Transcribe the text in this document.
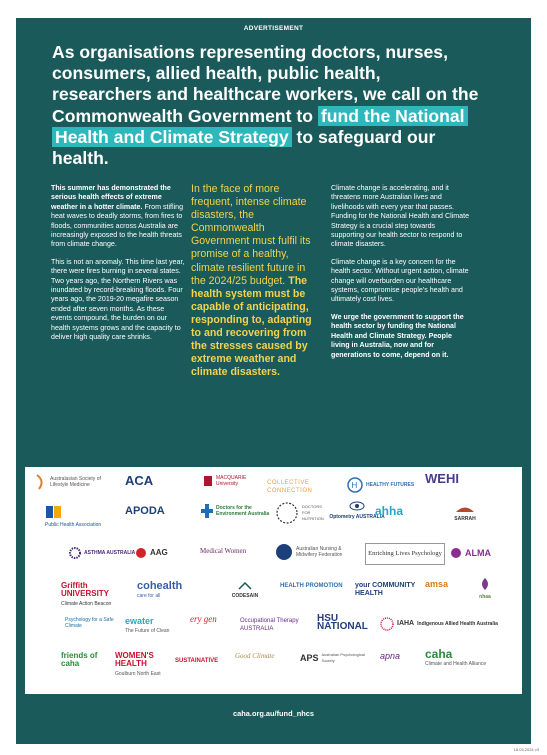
ADVERTISEMENT
As organisations representing doctors, nurses, consumers, allied health, public health, researchers and healthcare workers, we call on the Commonwealth Government to fund the National Health and Climate Strategy to safeguard our health.

This summer has demonstrated the serious health effects of extreme weather in a hotter climate. From stifling heat waves to deadly storms, from fires to floods, communities across Australia are increasingly exposed to the health threats from climate change.

This is not an anomaly. This time last year, there were fires burning in several states. Two years ago, the Northern Rivers was inundated by record-breaking floods. Four years ago, the 2019-20 megafire season ended after seven months. As these events compound, the burden on our health systems grows and the capacity to deliver high quality care shrinks.

In the face of more frequent, intense climate disasters, the Commonwealth Government must fulfil its promise of a healthy, climate resilient future in the 2024/25 budget. The health system must be capable of anticipating, responding to, adapting to and recovering from the stresses caused by extreme weather and climate disasters.

Climate change is accelerating, and it threatens more Australian lives and livelihoods with every year that passes. Funding for the National Health and Climate Strategy is a crucial step towards supporting our health sector to respond to climate disasters.

Climate change is a key concern for the health sector. Without urgent action, climate change will overburden our healthcare systems, compromise people's health and ultimately cost lives.

We urge the government to support the health sector by funding the National Health and Climate Strategy. People living in Australia, now and for generations to come, depend on it.

Australasian Society of Lifestyle Medicine	ACA	MACQUARIE University	COLLECTIVE CONNECTION
H HEALTHY FUTURES WEHI
Public Health Association
APODA	Doctors for the Environment Australia
DOCTORS FOR NUTRITION Optometry AUSTRALIA
ahha
SARRAH
ASTHMA AUSTRALIA AAG	Medical Women	Australian Nursing & Midwifery Federation	Enriching Lives Psychology	ALMA
Griffith UNIVERSITY
Climate Action Beacon
cohealth
care for all	CODESAIN
HEALTH PROMOTION your COMMUNITY HEALTH
amsa
nhaa
Psychology for a Safe Climate	ewater
The Future of Clean
ery gen	Occupational Therapy AUSTRALIA
HSU NATIONAL	IAHA Indigenous Allied Health Australia
friends of caha
WOMEN'S HEALTH
Goulburn North East
SUSTAINATIVE
Good Climate	APS Australian Psychological Society	apna caha
Climate and Health Alliance
caha.org.au/fund_nhcs
18.03.2024 v3
